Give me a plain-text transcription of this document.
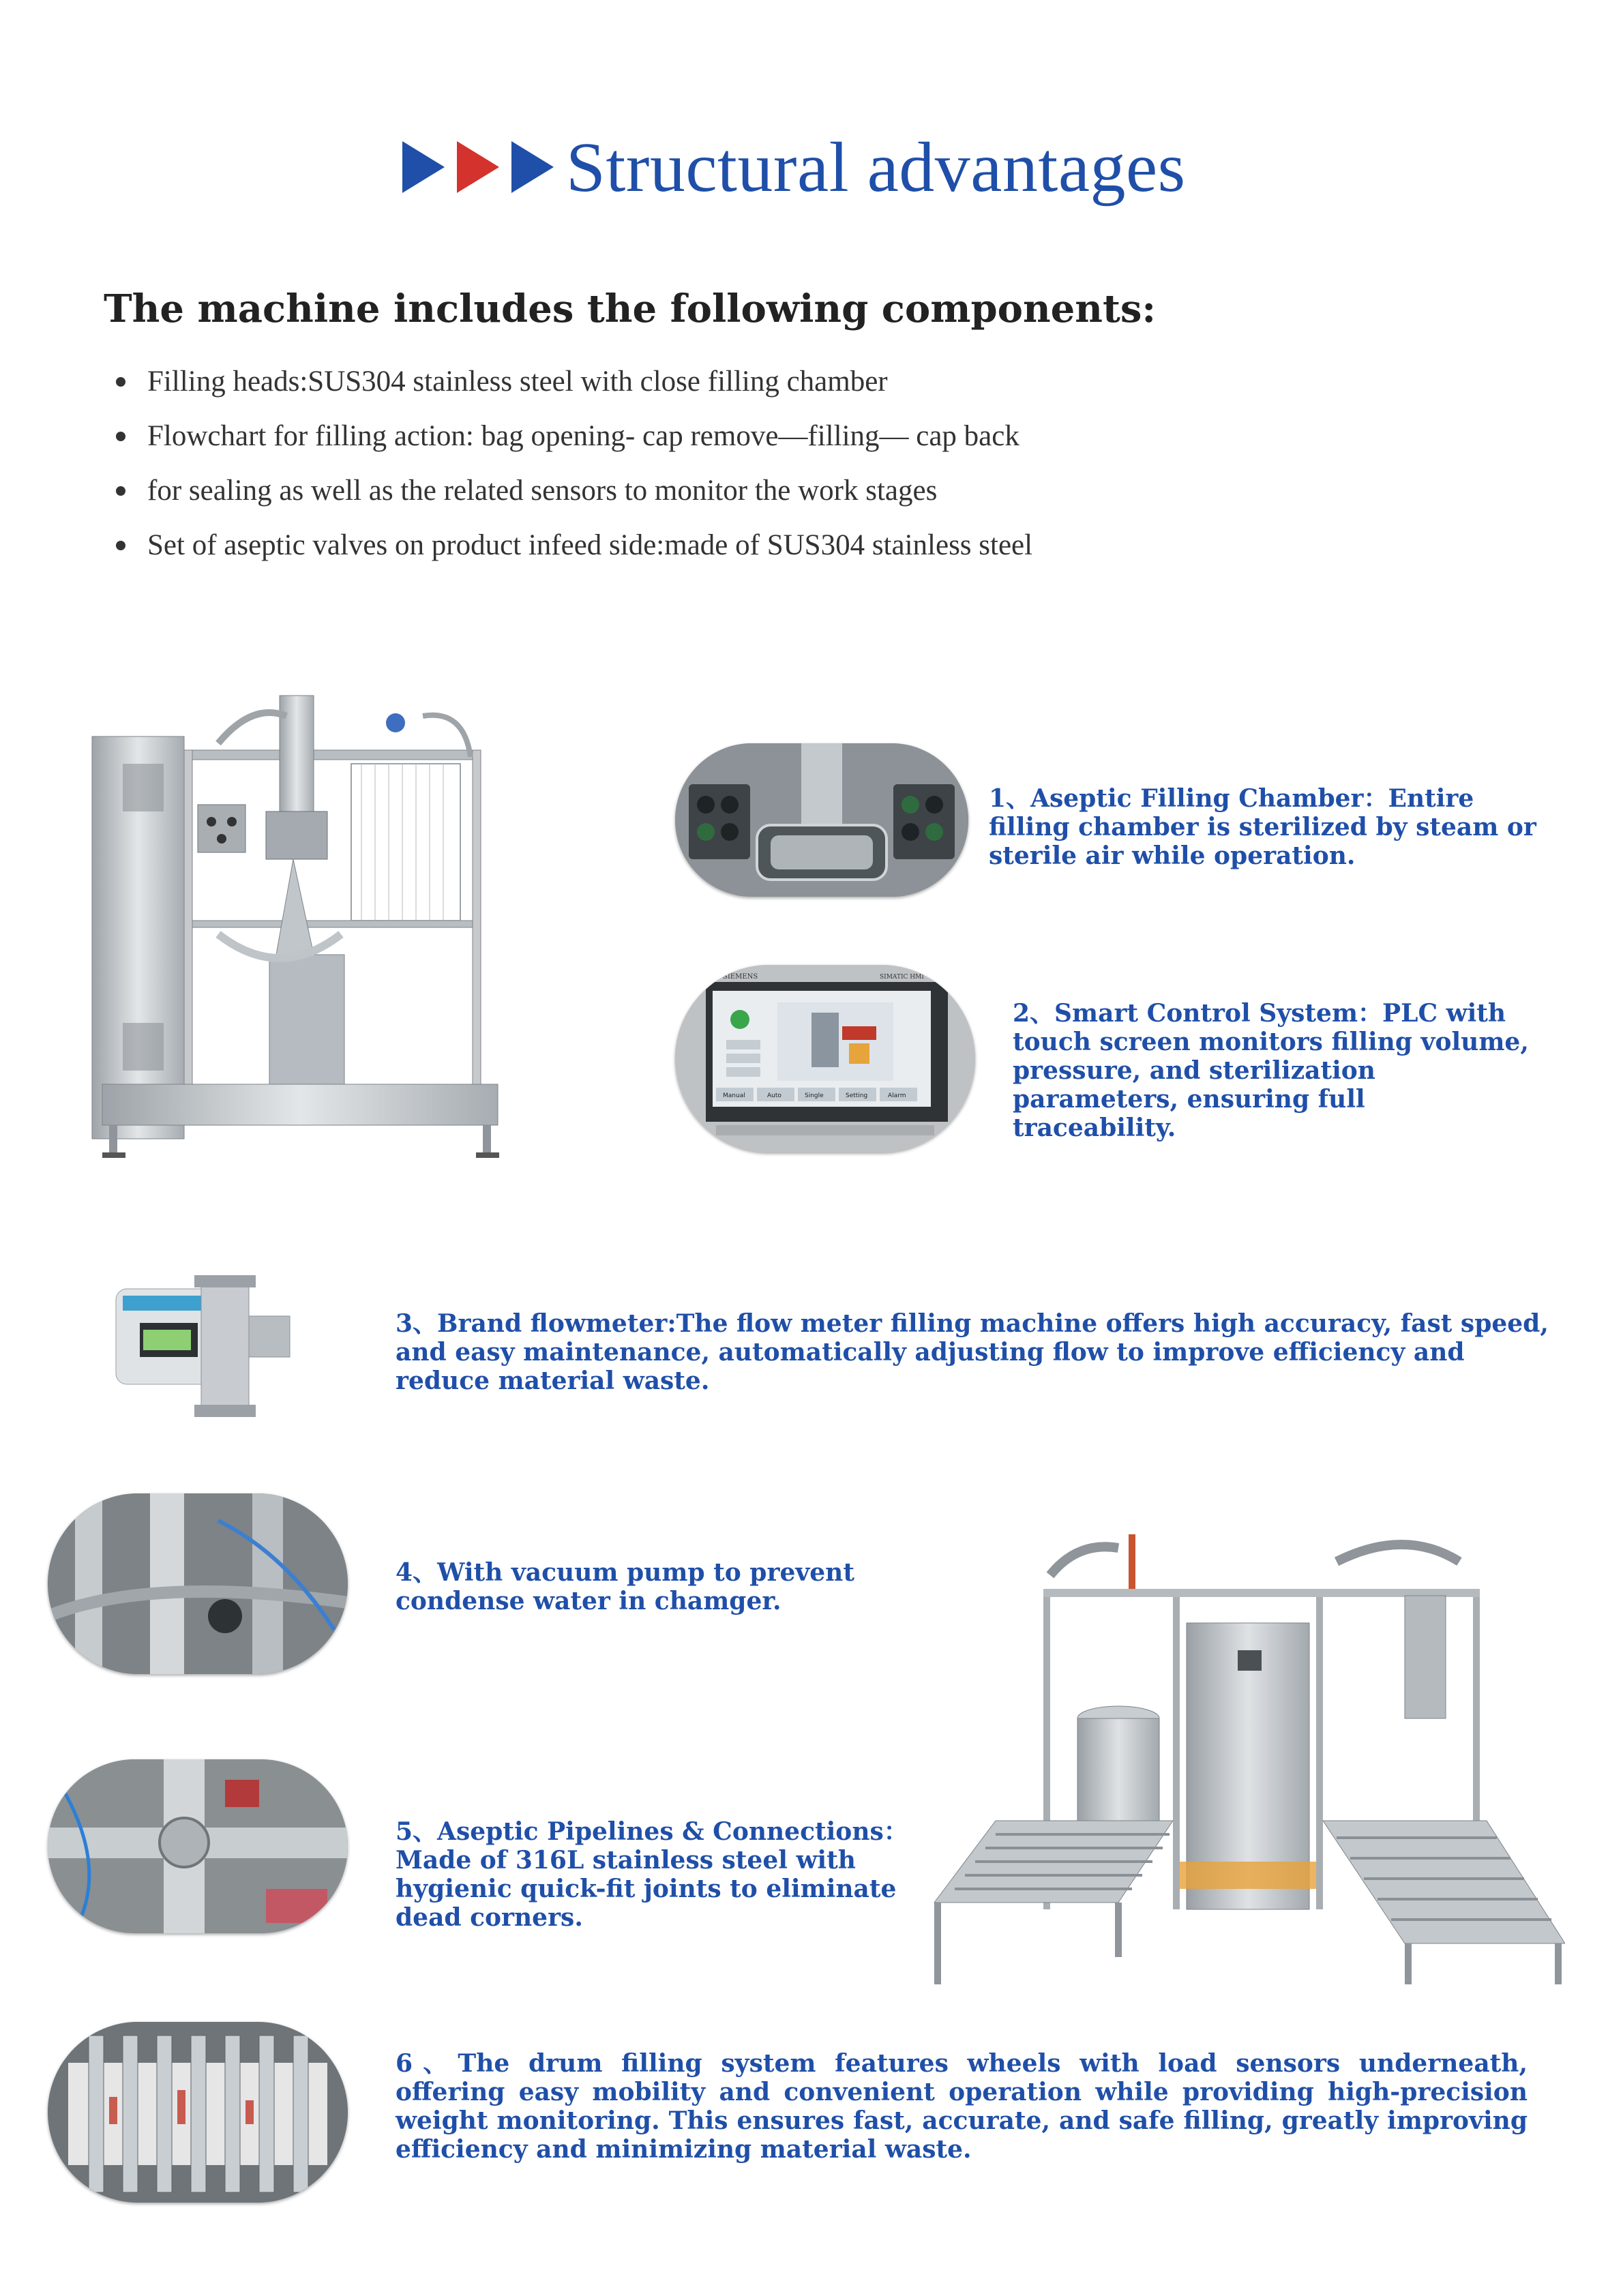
Structural advantages
The machine includes the following components:
Filling heads:SUS304 stainless steel with close filling chamber
Flowchart for filling action: bag opening- cap remove—filling— cap back
for sealing as well as the related sensors to monitor the work stages
Set of aseptic valves on product infeed side:made of SUS304 stainless steel
1、Aseptic Filling Chamber：Entire filling chamber is sterilized by steam or sterile air while operation.
SIEMENS	SIMATIC HMI
Manual	Auto	Single	Setting	Alarm
2、Smart Control System：PLC with touch screen monitors filling volume, pressure, and sterilization parameters, ensuring full traceability.
3、Brand flowmeter:The flow meter filling machine offers high accuracy, fast speed, and easy maintenance, automatically adjusting flow to improve efficiency and reduce material waste.
4、With vacuum pump to prevent condense water in chamger.
5、Aseptic Pipelines & Connections：Made of 316L stainless steel with hygienic quick-fit joints to eliminate dead corners.
6、The drum filling system features wheels with load sensors underneath, offering easy mobility and convenient operation while providing high-precision weight monitoring. This ensures fast, accurate, and safe filling, greatly improving efficiency and minimizing material waste.
